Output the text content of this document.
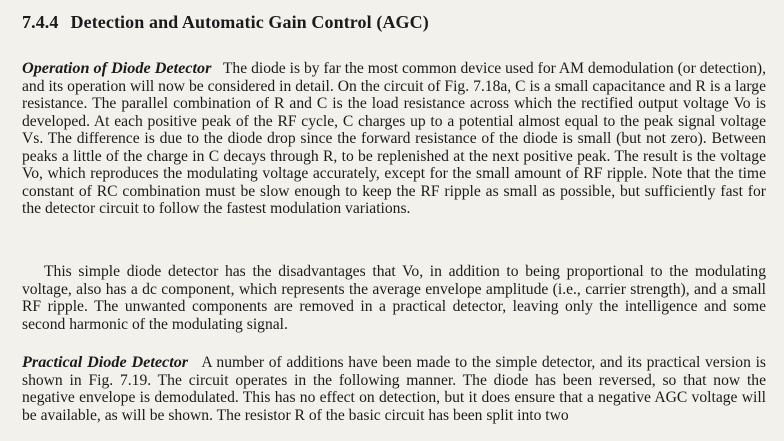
7.4.4 Detection and Automatic Gain Control (AGC)

Operation of Diode Detector The diode is by far the most common device used for AM demodulation (or detection), and its operation will now be considered in detail. On the circuit of Fig. 7.18a, C is a small capacitance and R is a large resistance. The parallel combination of R and C is the load resistance across which the rectified output voltage Vo is developed. At each positive peak of the RF cycle, C charges up to a potential almost equal to the peak signal voltage Vs. The difference is due to the diode drop since the forward resistance of the diode is small (but not zero). Between peaks a little of the charge in C decays through R, to be replenished at the next positive peak. The result is the voltage Vo, which reproduces the modulating voltage accurately, except for the small amount of RF ripple. Note that the time constant of RC combination must be slow enough to keep the RF ripple as small as possible, but sufficiently fast for the detector circuit to follow the fastest modulation variations.

This simple diode detector has the disadvantages that Vo, in addition to being proportional to the modulating voltage, also has a dc component, which represents the average envelope amplitude (i.e., carrier strength), and a small RF ripple. The unwanted components are removed in a practical detector, leaving only the intelligence and some second harmonic of the modulating signal.

Practical Diode Detector A number of additions have been made to the simple detector, and its practical version is shown in Fig. 7.19. The circuit operates in the following manner. The diode has been reversed, so that now the negative envelope is demodulated. This has no effect on detection, but it does ensure that a negative AGC voltage will be available, as will be shown. The resistor R of the basic circuit has been split into two
